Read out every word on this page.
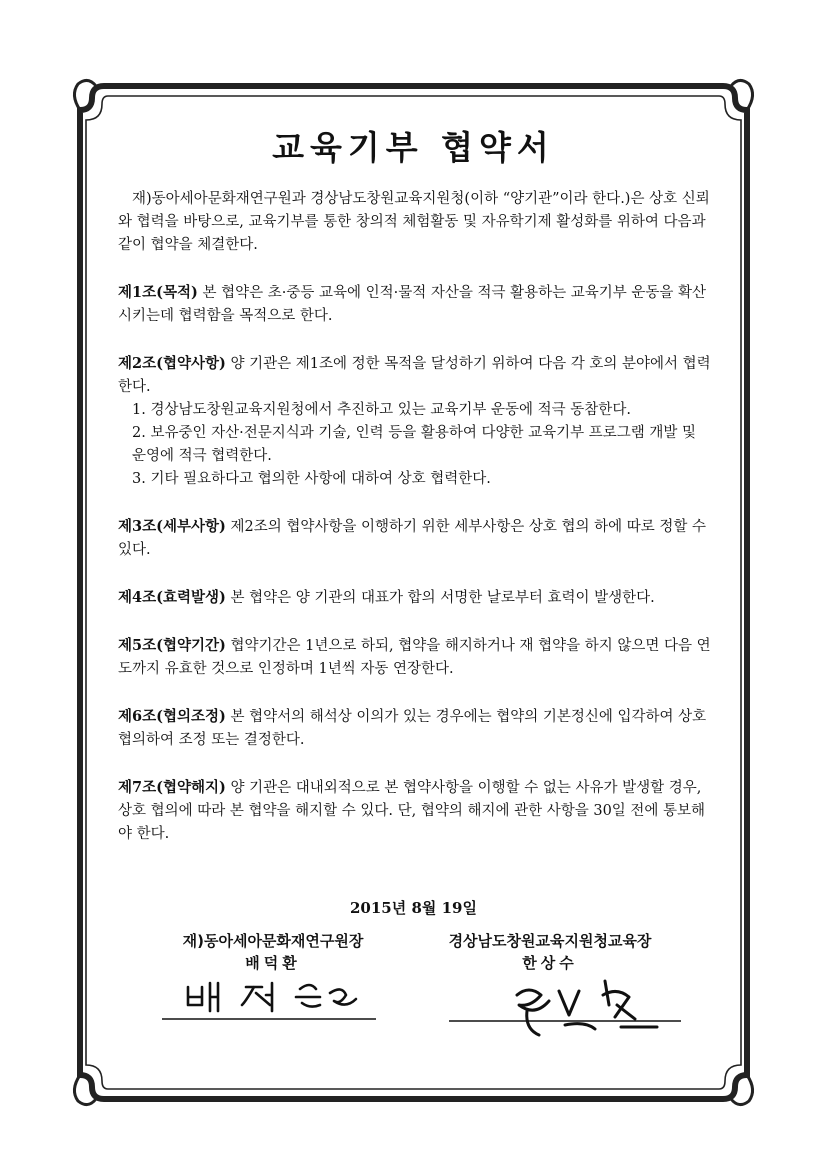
교육기부 협약서

재)동아세아문화재연구원과 경상남도창원교육지원청(이하 “양기관”이라 한다.)은 상호 신뢰와 협력을 바탕으로, 교육기부를 통한 창의적 체험활동 및 자유학기제 활성화를 위하여 다음과 같이 협약을 체결한다.

제1조(목적) 본 협약은 초·중등 교육에 인적·물적 자산을 적극 활용하는 교육기부 운동을 확산시키는데 협력함을 목적으로 한다.

제2조(협약사항) 양 기관은 제1조에 정한 목적을 달성하기 위하여 다음 각 호의 분야에서 협력한다.

1. 경상남도창원교육지원청에서 추진하고 있는 교육기부 운동에 적극 동참한다.

2. 보유중인 자산·전문지식과 기술, 인력 등을 활용하여 다양한 교육기부 프로그램 개발 및 운영에 적극 협력한다.

3. 기타 필요하다고 협의한 사항에 대하여 상호 협력한다.

제3조(세부사항) 제2조의 협약사항을 이행하기 위한 세부사항은 상호 협의 하에 따로 정할 수 있다.

제4조(효력발생) 본 협약은 양 기관의 대표가 합의 서명한 날로부터 효력이 발생한다.

제5조(협약기간) 협약기간은 1년으로 하되, 협약을 해지하거나 재 협약을 하지 않으면 다음 연도까지 유효한 것으로 인정하며 1년씩 자동 연장한다.

제6조(협의조정) 본 협약서의 해석상 이의가 있는 경우에는 협약의 기본정신에 입각하여 상호 협의하여 조정 또는 결정한다.

제7조(협약해지) 양 기관은 대내외적으로 본 협약사항을 이행할 수 없는 사유가 발생할 경우, 상호 협의에 따라 본 협약을 해지할 수 있다. 단, 협약의 해지에 관한 사항을 30일 전에 통보해야 한다.

2015년 8월 19일
재)동아세아문화재연구원장
배덕환
경상남도창원교육지원청교육장
한상수
